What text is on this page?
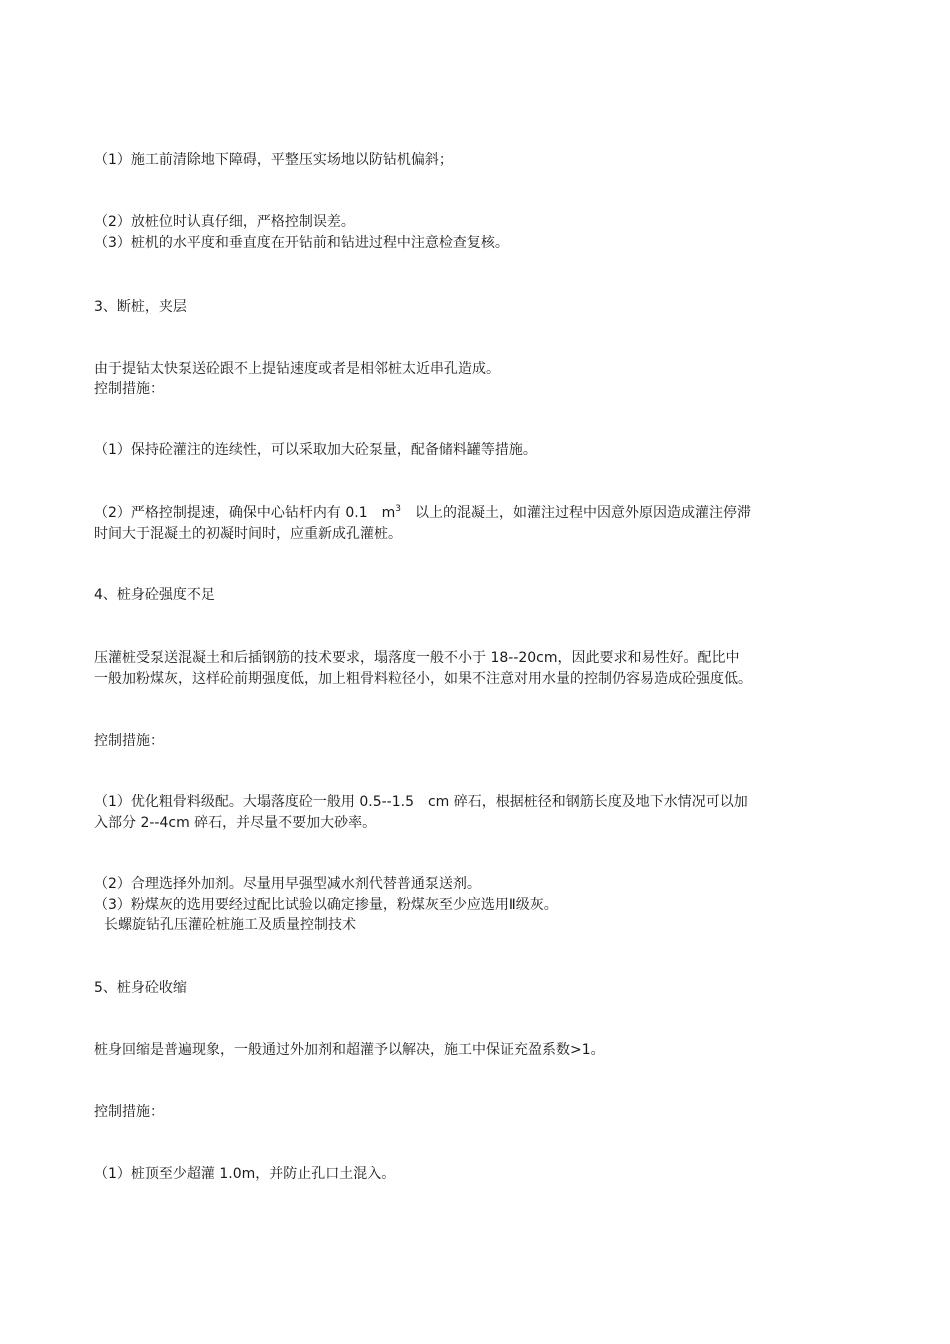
（1）施工前清除地下障碍，平整压实场地以防钻机偏斜；
（2）放桩位时认真仔细，严格控制误差。
（3）桩机的水平度和垂直度在开钻前和钻进过程中注意检查复核。
3、断桩，夹层
由于提钻太快泵送砼跟不上提钻速度或者是相邻桩太近串孔造成。
控制措施：
（1）保持砼灌注的连续性，可以采取加大砼泵量，配备储料罐等措施。
（2）严格控制提速，确保中心钻杆内有 0.1　$m^3$　以上的混凝土，如灌注过程中因意外原因造成灌注停滞
时间大于混凝土的初凝时间时，应重新成孔灌桩。
4、桩身砼强度不足
压灌桩受泵送混凝土和后插钢筋的技术要求，塌落度一般不小于 18--20cm，因此要求和易性好。配比中
一般加粉煤灰，这样砼前期强度低，加上粗骨料粒径小，如果不注意对用水量的控制仍容易造成砼强度低。
控制措施：
（1）优化粗骨料级配。大塌落度砼一般用 0.5--1.5　cm 碎石，根据桩径和钢筋长度及地下水情况可以加
入部分 2--4cm 碎石，并尽量不要加大砂率。
（2）合理选择外加剂。尽量用早强型减水剂代替普通泵送剂。
（3）粉煤灰的选用要经过配比试验以确定掺量，粉煤灰至少应选用Ⅱ级灰。
长螺旋钻孔压灌砼桩施工及质量控制技术
5、桩身砼收缩
桩身回缩是普遍现象，一般通过外加剂和超灌予以解决，施工中保证充盈系数>1。
控制措施：
（1）桩顶至少超灌 1.0m，并防止孔口土混入。
